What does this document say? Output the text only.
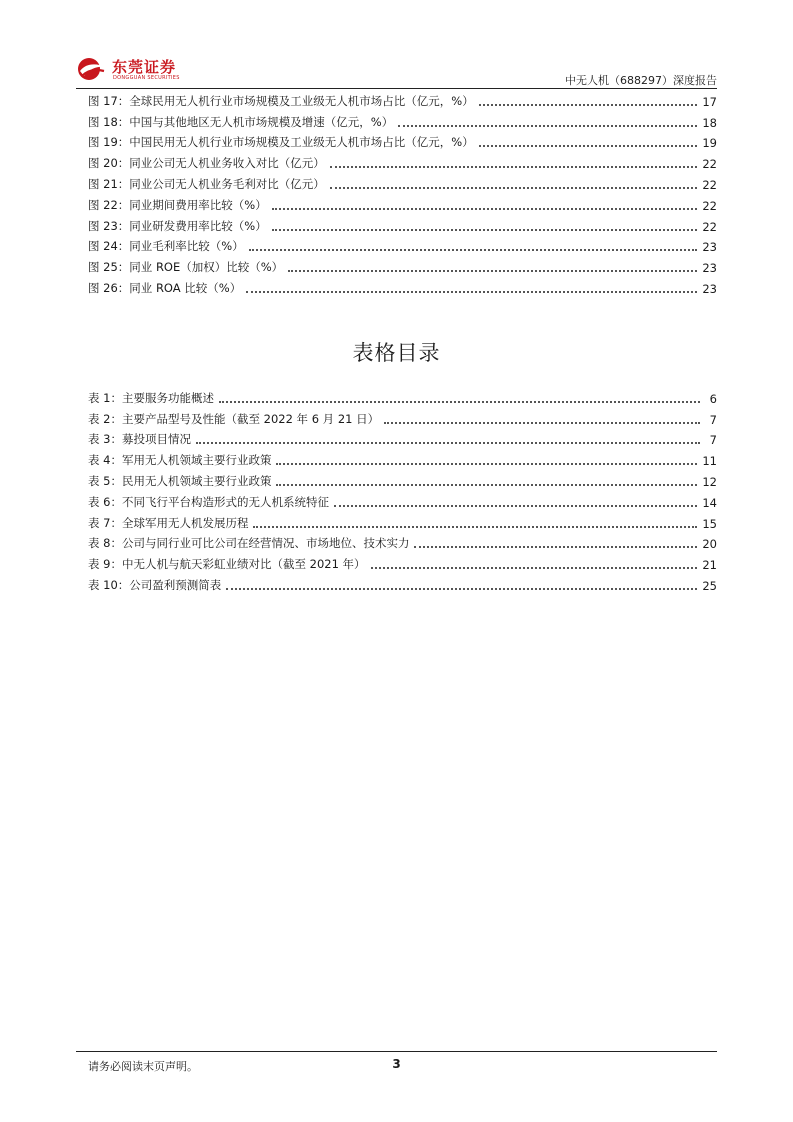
东莞证券
DONGGUAN SECURITIES	中无人机（688297）深度报告
图 17：全球民用无人机行业市场规模及工业级无人机市场占比（亿元，%）	17
图 18：中国与其他地区无人机市场规模及增速（亿元，%）	18
图 19：中国民用无人机行业市场规模及工业级无人机市场占比（亿元，%）	19
图 20：同业公司无人机业务收入对比（亿元）	22
图 21：同业公司无人机业务毛利对比（亿元）	22
图 22：同业期间费用率比较（%）	22
图 23：同业研发费用率比较（%）	22
图 24：同业毛利率比较（%）	23
图 25：同业 ROE（加权）比较（%）	23
图 26：同业 ROA 比较（%）	23
表格目录
表 1：主要服务功能概述	6
表 2：主要产品型号及性能（截至 2022 年 6 月 21 日）	7
表 3：募投项目情况	7
表 4：军用无人机领域主要行业政策	11
表 5：民用无人机领域主要行业政策	12
表 6：不同飞行平台构造形式的无人机系统特征	14
表 7：全球军用无人机发展历程	15
表 8：公司与同行业可比公司在经营情况、市场地位、技术实力	20
表 9：中无人机与航天彩虹业绩对比（截至 2021 年）	21
表 10：公司盈利预测简表	25
请务必阅读末页声明。	3
